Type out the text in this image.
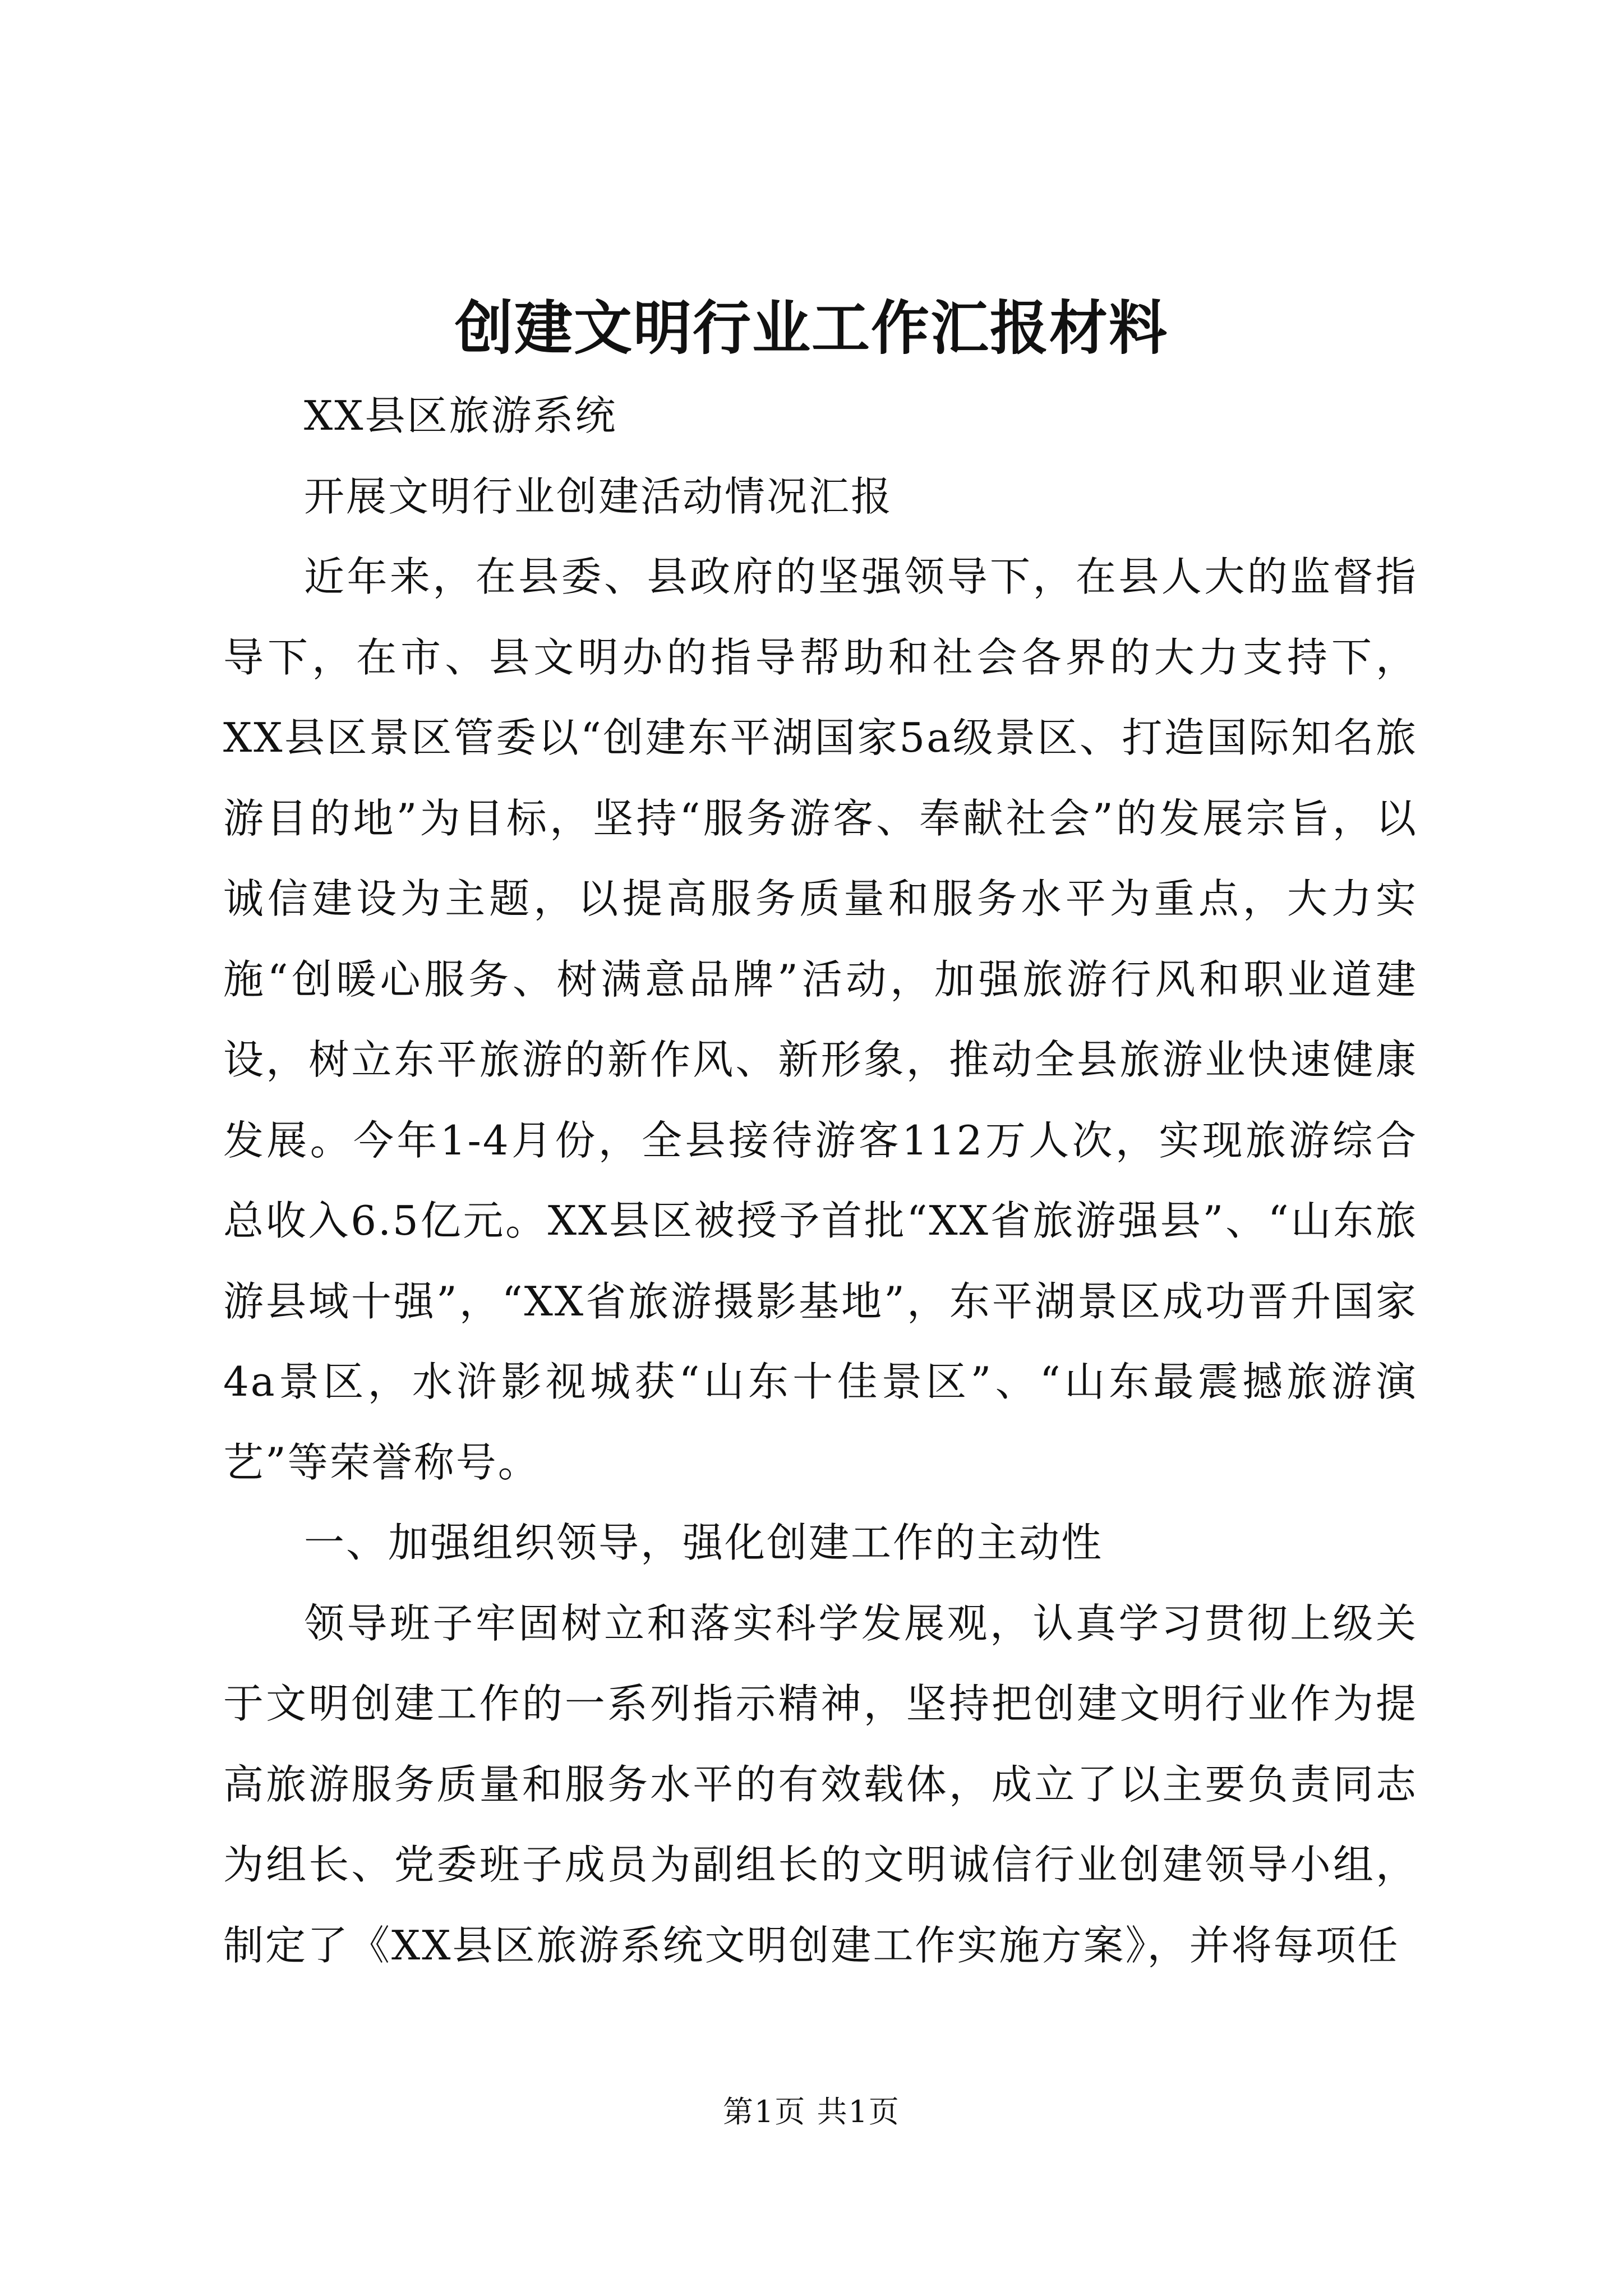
创建文明行业工作汇报材料

XX县区旅游系统

开展文明行业创建活动情况汇报

近年来，在县委、县政府的坚强领导下，在县人大的监督指导下，在市、县文明办的指导帮助和社会各界的大力支持下，XX县区景区管委以“创建东平湖国家5a级景区、打造国际知名旅游目的地”为目标，坚持“服务游客、奉献社会”的发展宗旨，以诚信建设为主题，以提高服务质量和服务水平为重点，大力实施“创暖心服务、树满意品牌”活动，加强旅游行风和职业道建设，树立东平旅游的新作风、新形象，推动全县旅游业快速健康发展。今年1-4月份，全县接待游客112万人次，实现旅游综合总收入6.5亿元。XX县区被授予首批“XX省旅游强县”、“山东旅游县域十强”，“XX省旅游摄影基地”，东平湖景区成功晋升国家4a景区，水浒影视城获“山东十佳景区”、“山东最震撼旅游演艺”等荣誉称号。

一、加强组织领导，强化创建工作的主动性

领导班子牢固树立和落实科学发展观，认真学习贯彻上级关于文明创建工作的一系列指示精神，坚持把创建文明行业作为提高旅游服务质量和服务水平的有效载体，成立了以主要负责同志为组长、党委班子成员为副组长的文明诚信行业创建领导小组，制定了《XX县区旅游系统文明创建工作实施方案》，并将每项任

第1页 共1页
